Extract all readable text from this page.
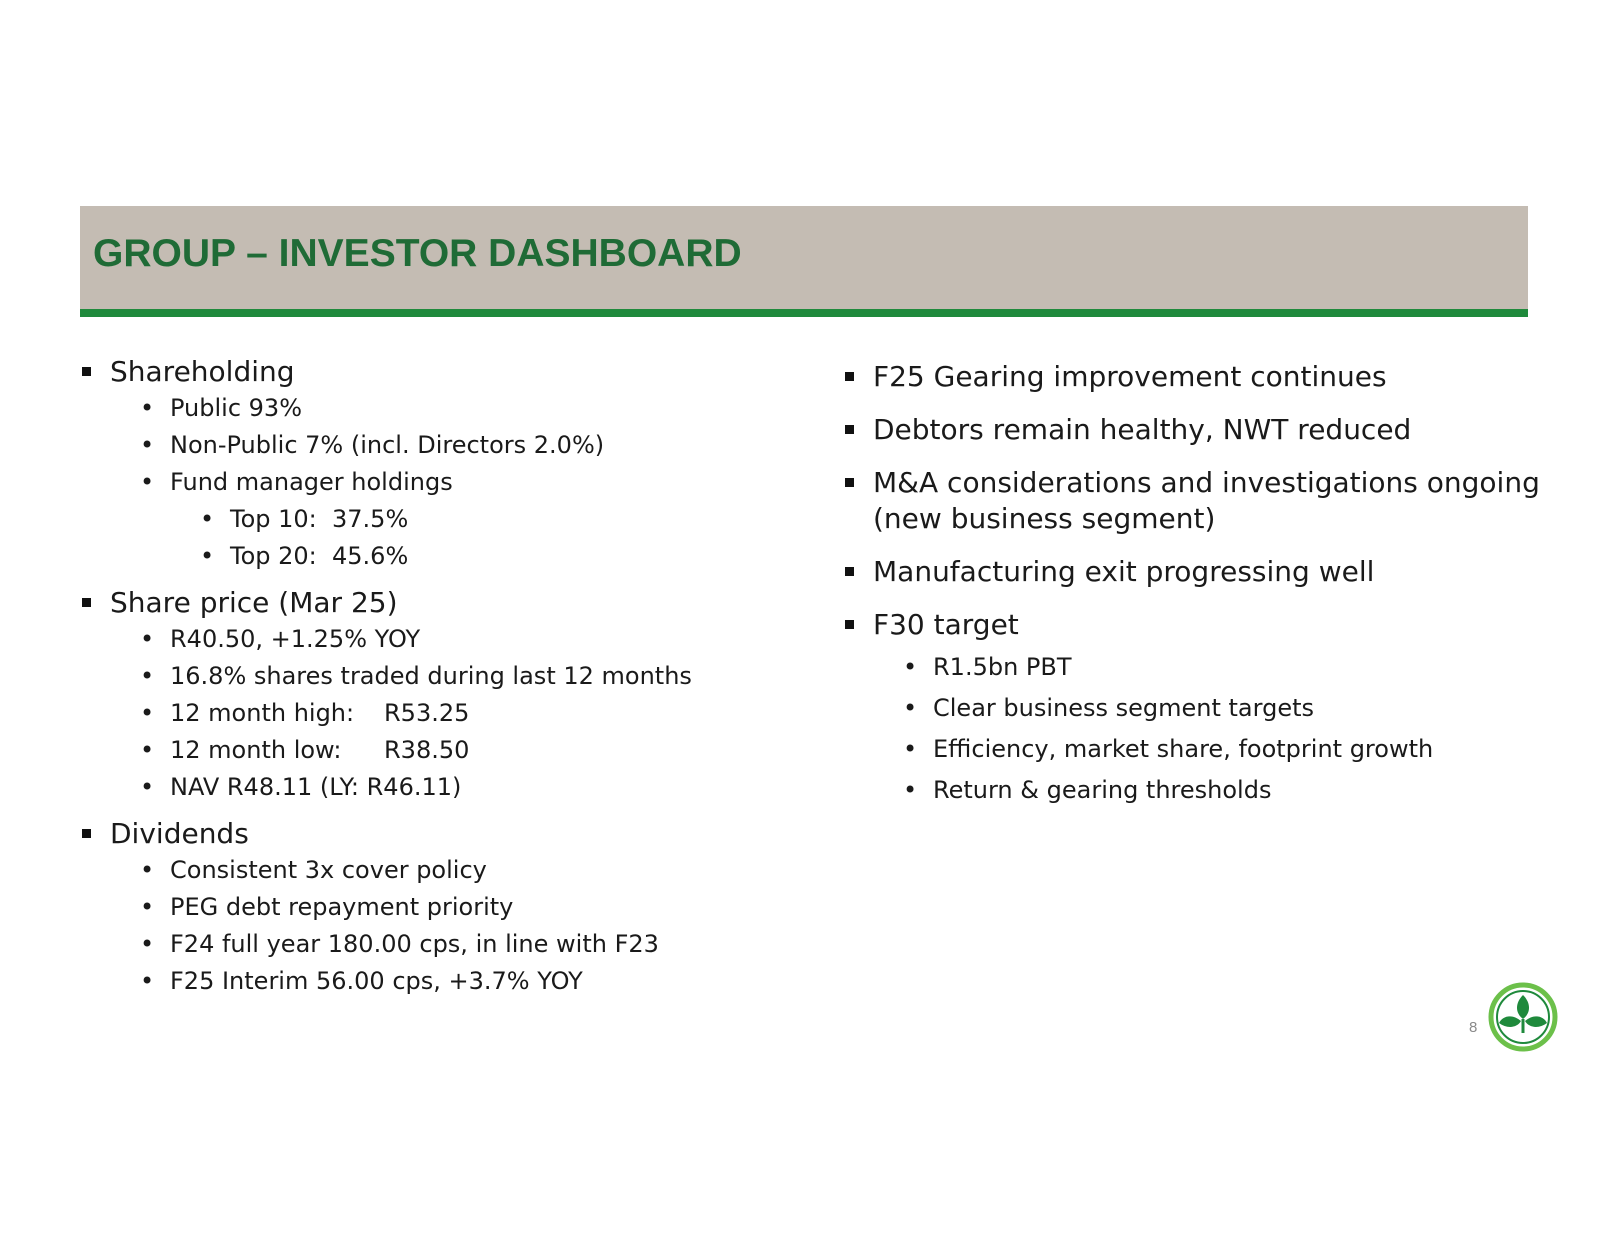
GROUP – INVESTOR DASHBOARD
Shareholding
• Public 93%
• Non-Public 7% (incl. Directors 2.0%)
• Fund manager holdings
• Top 10:  37.5%
• Top 20:  45.6%
Share price (Mar 25)
• R40.50, +1.25% YOY
• 16.8% shares traded during last 12 months
• 12 month high: R53.25
• 12 month low: R38.50
• NAV R48.11 (LY: R46.11)
Dividends
• Consistent 3x cover policy
• PEG debt repayment priority
• F24 full year 180.00 cps, in line with F23
• F25 Interim 56.00 cps, +3.7% YOY
F25 Gearing improvement continues
Debtors remain healthy, NWT reduced
M&A considerations and investigations ongoing (new business segment)
Manufacturing exit progressing well
F30 target
• R1.5bn PBT
• Clear business segment targets
• Efficiency, market share, footprint growth
• Return & gearing thresholds
8
